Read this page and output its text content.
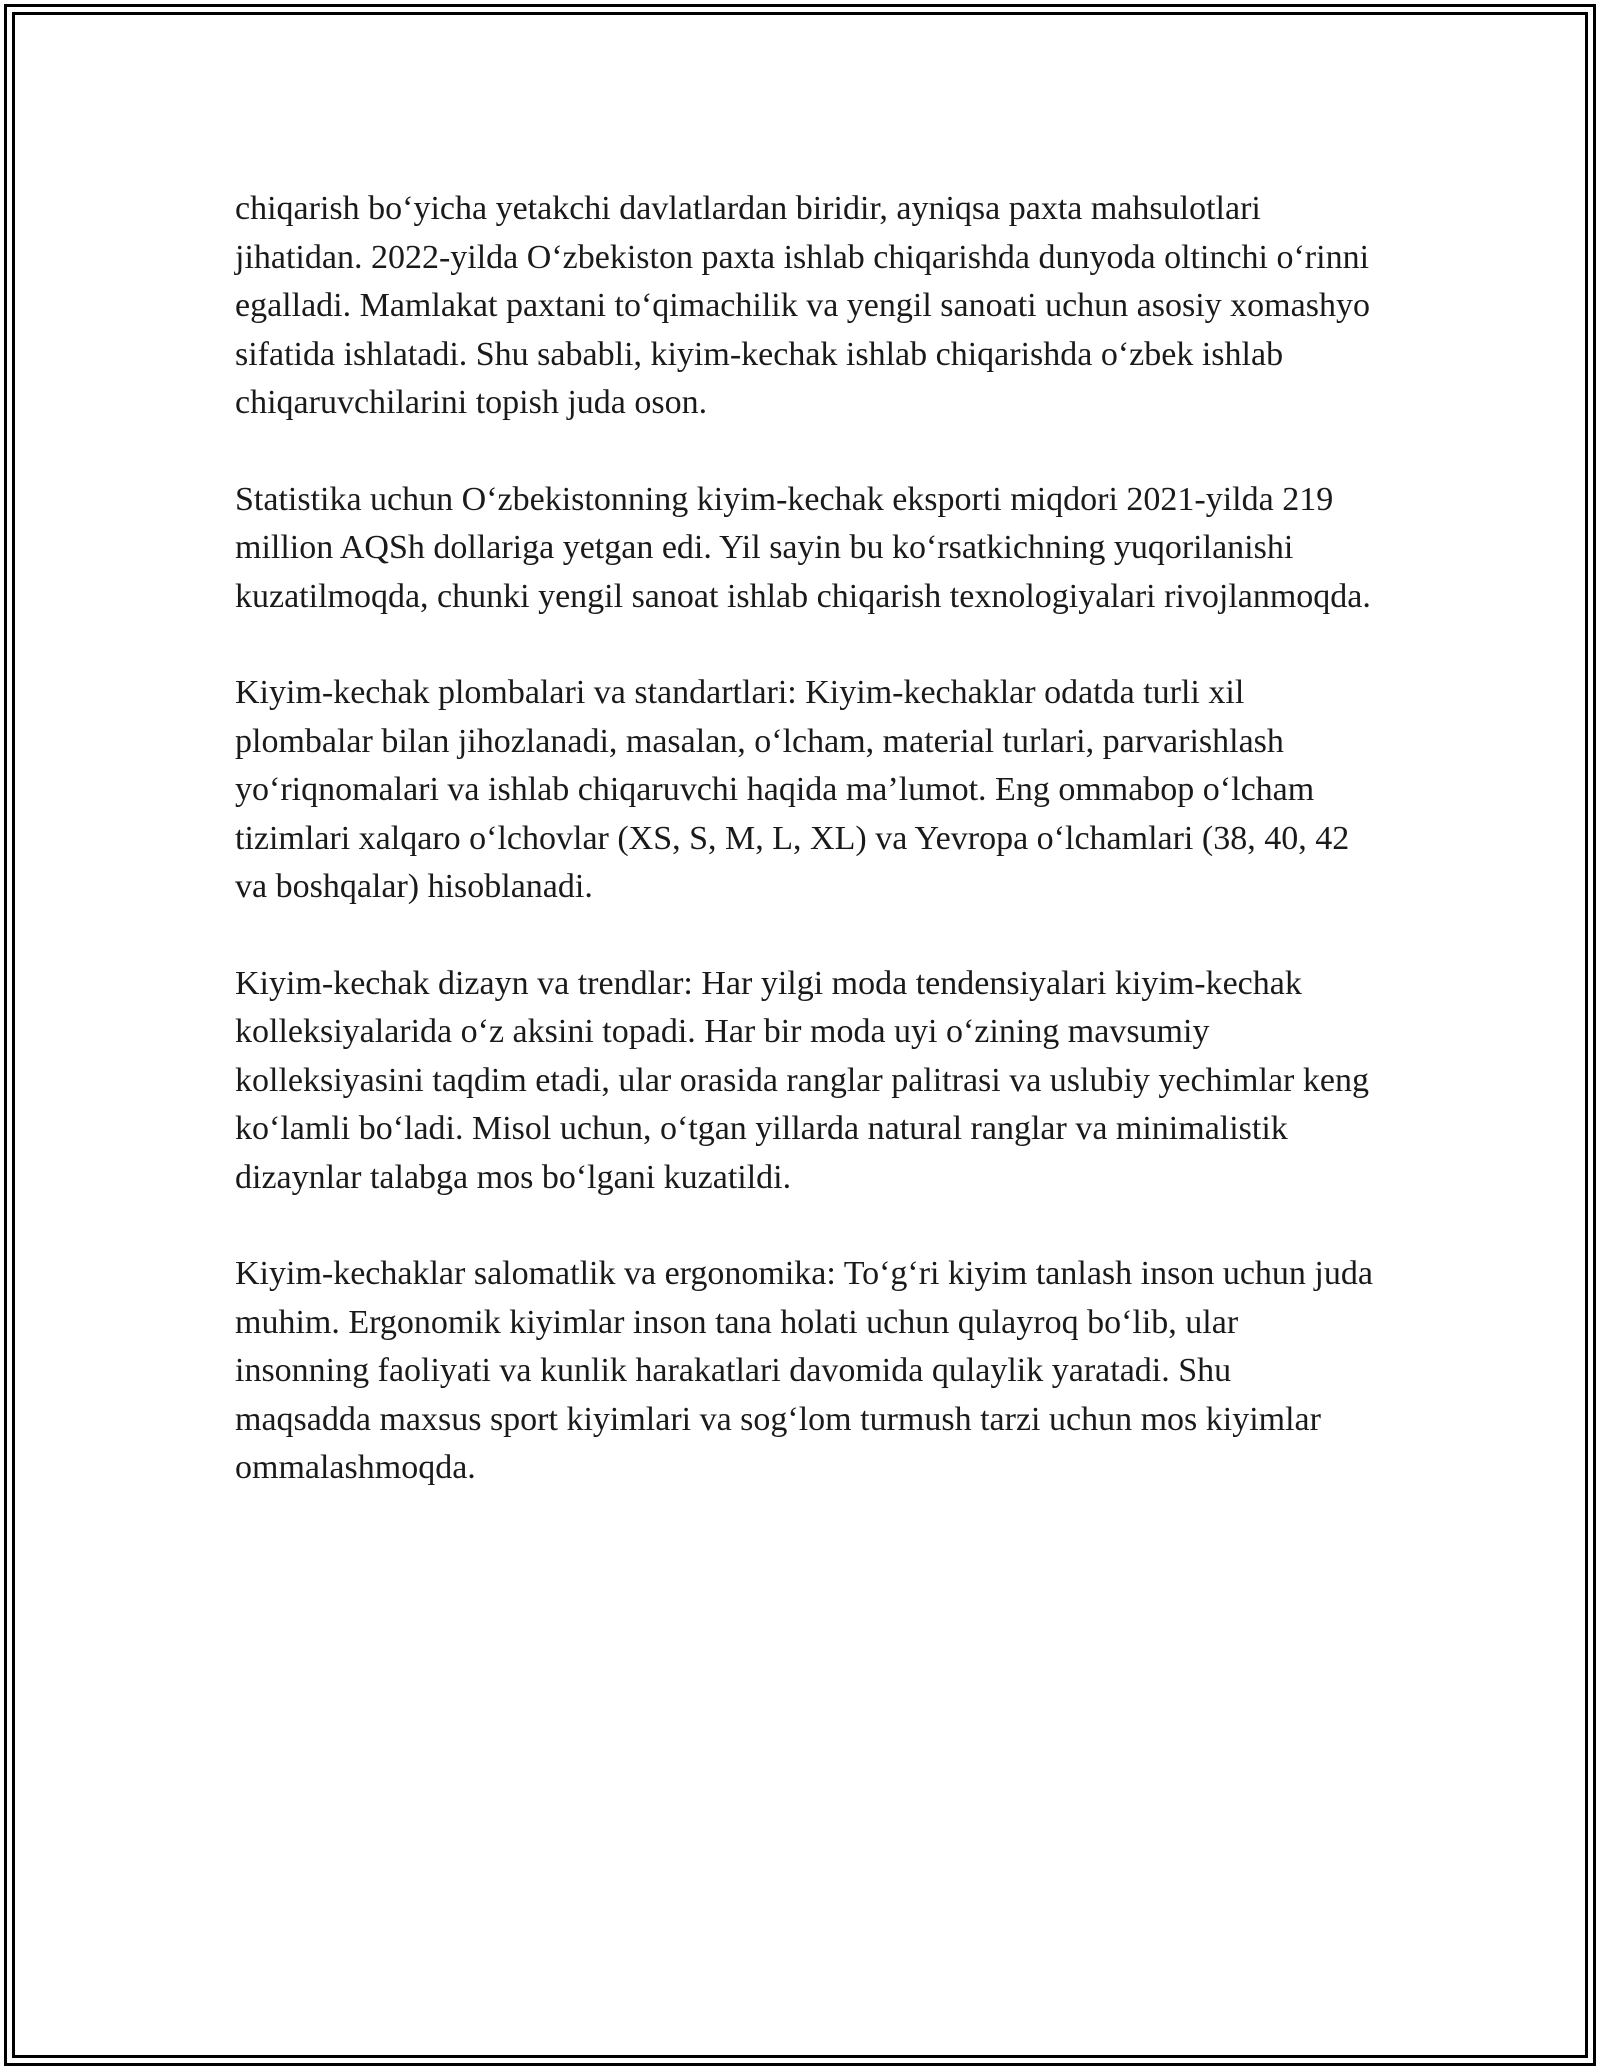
chiqarish bo‘yicha yetakchi davlatlardan biridir, ayniqsa paxta mahsulotlari jihatidan. 2022-yilda O‘zbekiston paxta ishlab chiqarishda dunyoda oltinchi o‘rinni egalladi. Mamlakat paxtani to‘qimachilik va yengil sanoati uchun asosiy xomashyo sifatida ishlatadi. Shu sababli, kiyim-kechak ishlab chiqarishda o‘zbek ishlab chiqaruvchilarini topish juda oson.

Statistika uchun O‘zbekistonning kiyim-kechak eksporti miqdori 2021-yilda 219 million AQSh dollariga yetgan edi. Yil sayin bu ko‘rsatkichning yuqorilanishi kuzatilmoqda, chunki yengil sanoat ishlab chiqarish texnologiyalari rivojlanmoqda.

Kiyim-kechak plombalari va standartlari: Kiyim-kechaklar odatda turli xil plombalar bilan jihozlanadi, masalan, o‘lcham, material turlari, parvarishlash yo‘riqnomalari va ishlab chiqaruvchi haqida ma’lumot. Eng ommabop o‘lcham tizimlari xalqaro o‘lchovlar (XS, S, M, L, XL) va Yevropa o‘lchamlari (38, 40, 42 va boshqalar) hisoblanadi.

Kiyim-kechak dizayn va trendlar: Har yilgi moda tendensiyalari kiyim-kechak kolleksiyalarida o‘z aksini topadi. Har bir moda uyi o‘zining mavsumiy kolleksiyasini taqdim etadi, ular orasida ranglar palitrasi va uslubiy yechimlar keng ko‘lamli bo‘ladi. Misol uchun, o‘tgan yillarda natural ranglar va minimalistik dizaynlar talabga mos bo‘lgani kuzatildi.

Kiyim-kechaklar salomatlik va ergonomika: To‘g‘ri kiyim tanlash inson uchun juda muhim. Ergonomik kiyimlar inson tana holati uchun qulayroq bo‘lib, ular insonning faoliyati va kunlik harakatlari davomida qulaylik yaratadi. Shu maqsadda maxsus sport kiyimlari va sog‘lom turmush tarzi uchun mos kiyimlar ommalashmoqda.
